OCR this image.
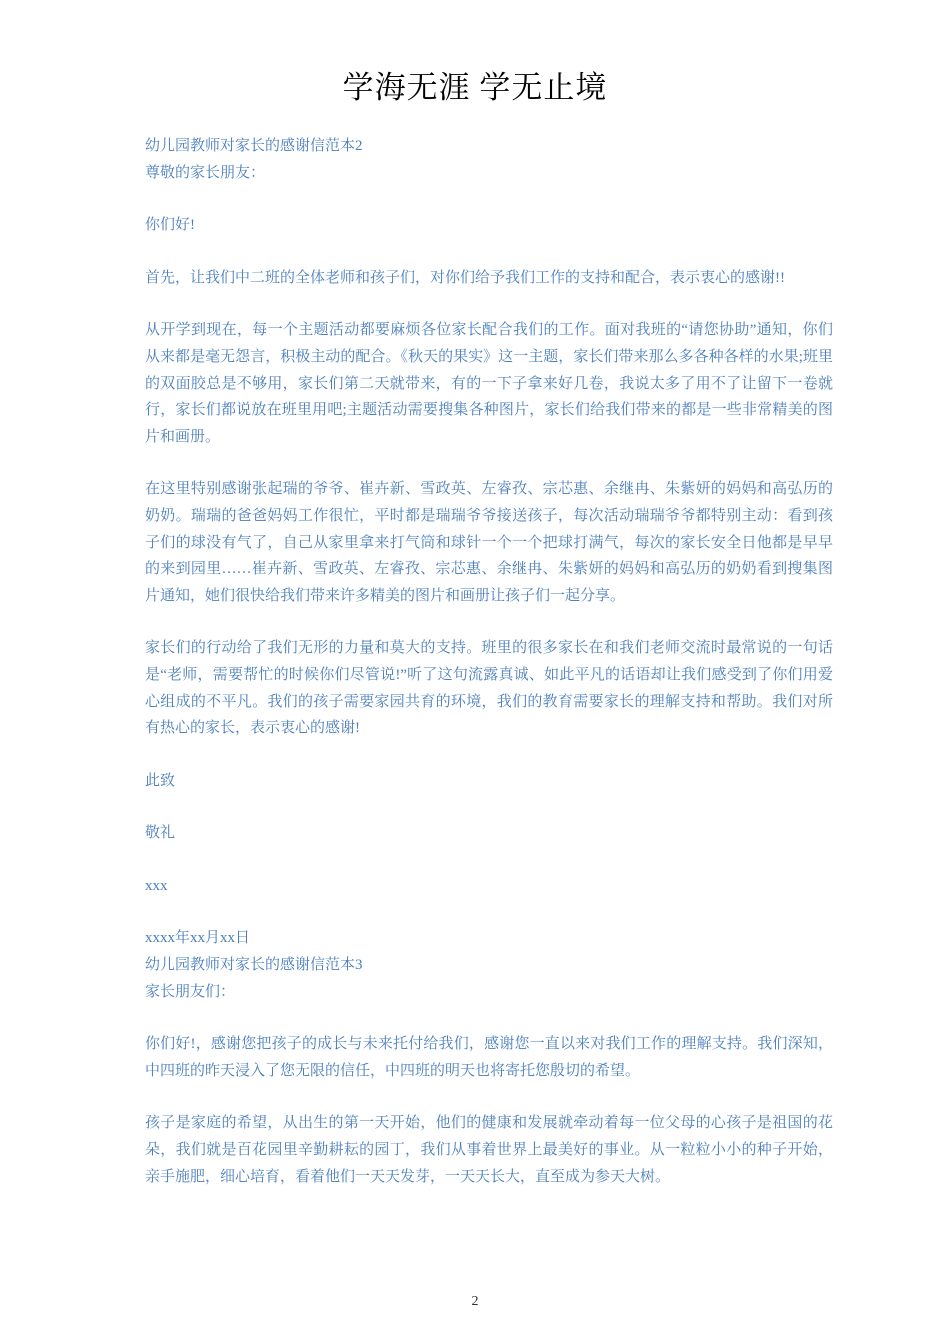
学海无涯 学无止境

幼儿园教师对家长的感谢信范本2

尊敬的家长朋友：

你们好!

首先，让我们中二班的全体老师和孩子们，对你们给予我们工作的支持和配合，表示衷心的感谢!!

从开学到现在，每一个主题活动都要麻烦各位家长配合我们的工作。面对我班的“请您协助”通知，你们从来都是毫无怨言，积极主动的配合。《秋天的果实》这一主题，家长们带来那么多各种各样的水果;班里的双面胶总是不够用，家长们第二天就带来，有的一下子拿来好几卷，我说太多了用不了让留下一卷就行，家长们都说放在班里用吧;主题活动需要搜集各种图片，家长们给我们带来的都是一些非常精美的图片和画册。

在这里特别感谢张起瑞的爷爷、崔卉新、雪政英、左睿孜、宗芯惠、余继冉、朱紫妍的妈妈和高弘历的奶奶。瑞瑞的爸爸妈妈工作很忙，平时都是瑞瑞爷爷接送孩子，每次活动瑞瑞爷爷都特别主动：看到孩子们的球没有气了，自己从家里拿来打气筒和球针一个一个把球打满气，每次的家长安全日他都是早早的来到园里……崔卉新、雪政英、左睿孜、宗芯惠、余继冉、朱紫妍的妈妈和高弘历的奶奶看到搜集图片通知，她们很快给我们带来许多精美的图片和画册让孩子们一起分享。

家长们的行动给了我们无形的力量和莫大的支持。班里的很多家长在和我们老师交流时最常说的一句话是“老师，需要帮忙的时候你们尽管说!”听了这句流露真诚、如此平凡的话语却让我们感受到了你们用爱心组成的不平凡。我们的孩子需要家园共育的环境，我们的教育需要家长的理解支持和帮助。我们对所有热心的家长，表示衷心的感谢!

此致

敬礼

xxx

xxxx年xx月xx日

幼儿园教师对家长的感谢信范本3

家长朋友们：

你们好!，感谢您把孩子的成长与未来托付给我们，感谢您一直以来对我们工作的理解支持。我们深知，中四班的昨天浸入了您无限的信任，中四班的明天也将寄托您殷切的希望。

孩子是家庭的希望，从出生的第一天开始，他们的健康和发展就牵动着每一位父母的心孩子是祖国的花朵，我们就是百花园里辛勤耕耘的园丁，我们从事着世界上最美好的事业。从一粒粒小小的种子开始，亲手施肥，细心培育，看着他们一天天发芽，一天天长大，直至成为参天大树。

2
